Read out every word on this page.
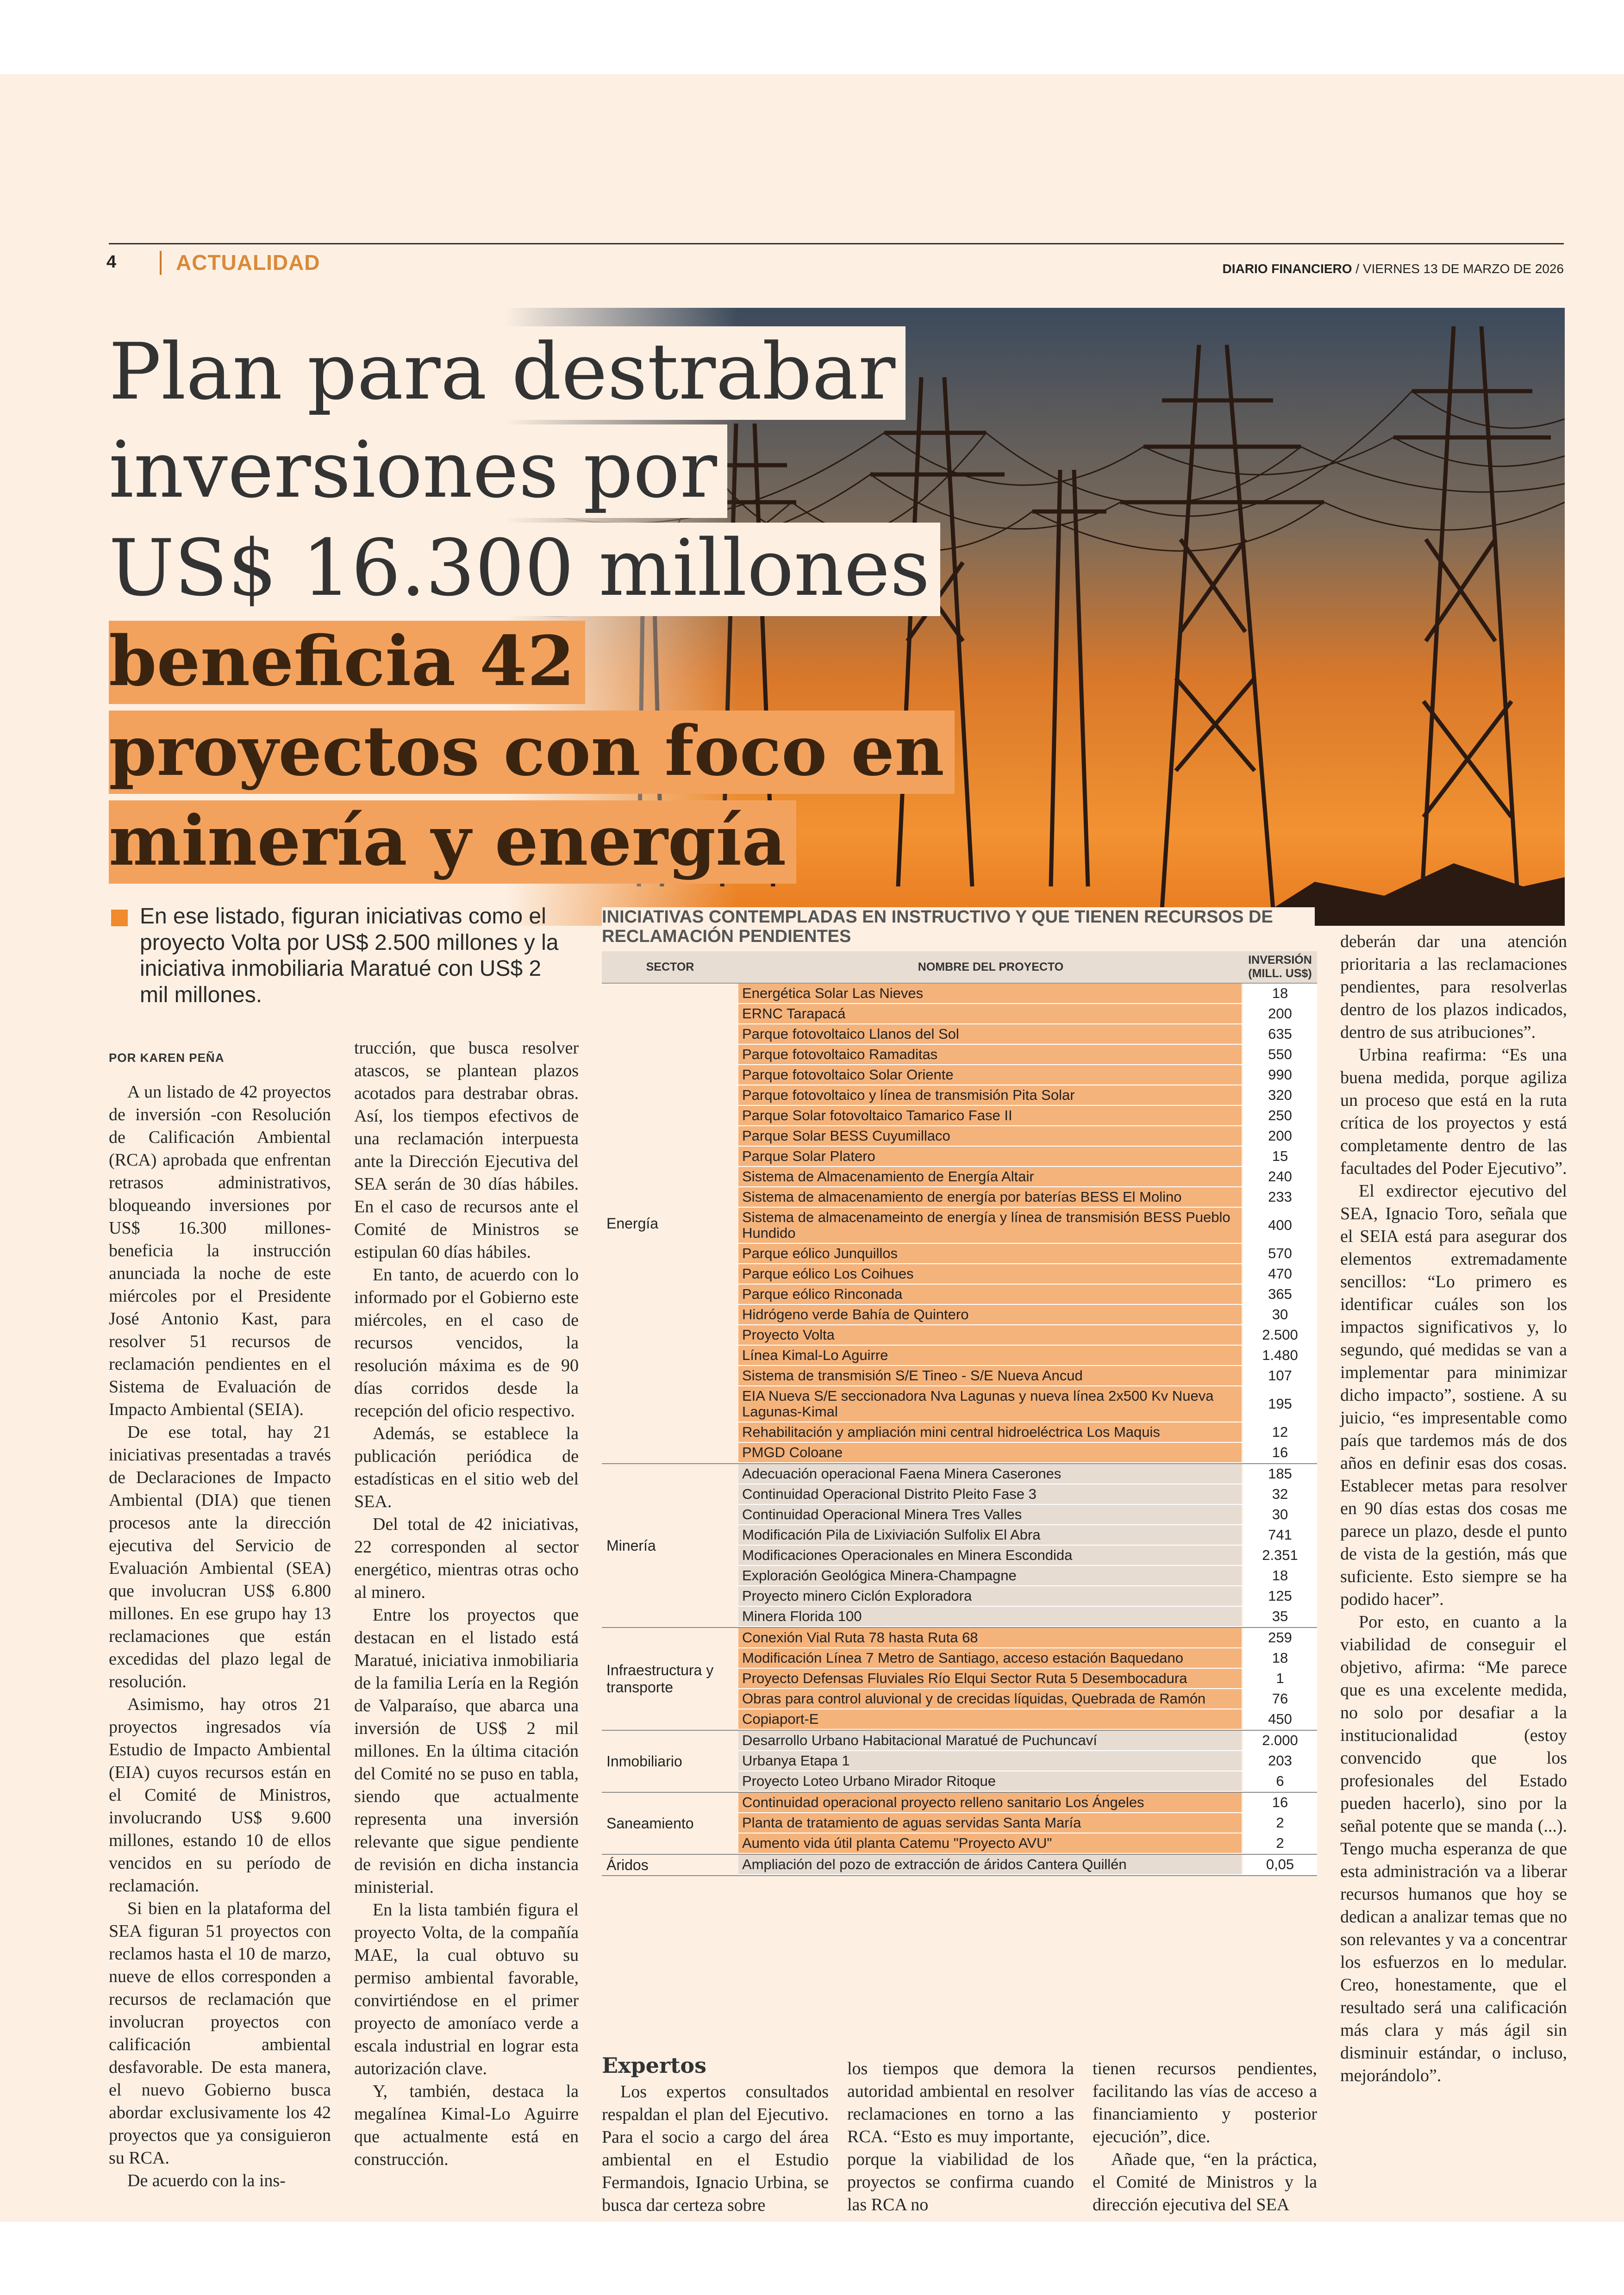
4	ACTUALIDAD	DIARIO FINANCIERO / VIERNES 13 DE MARZO DE 2026
Plan para destrabar
inversiones por
US$ 16.300 millones
beneficia 42
proyectos con foco en
minería y energía
En ese listado, figuran iniciativas como el proyecto Volta por US$ 2.500 millones y la iniciativa inmobiliaria Maratué con US$ 2 mil millones.
POR KAREN PEÑA

A un listado de 42 proyectos de inversión -con Resolución de Calificación Ambiental (RCA) aprobada que enfrentan retrasos administrativos, bloqueando inversiones por US$ 16.300 millones- beneficia la instrucción anunciada la noche de este miércoles por el Presidente José Antonio Kast, para resolver 51 recursos de reclamación pendientes en el Sistema de Evaluación de Impacto Ambiental (SEIA).

De ese total, hay 21 iniciativas presentadas a través de Declaraciones de Impacto Ambiental (DIA) que tienen procesos ante la dirección ejecutiva del Servicio de Evaluación Ambiental (SEA) que involucran US$ 6.800 millones. En ese grupo hay 13 reclamaciones que están excedidas del plazo legal de resolución.

Asimismo, hay otros 21 proyectos ingresados vía Estudio de Impacto Ambiental (EIA) cuyos recursos están en el Comité de Ministros, involucrando US$ 9.600 millones, estando 10 de ellos vencidos en su período de reclamación.

Si bien en la plataforma del SEA figuran 51 proyectos con reclamos hasta el 10 de marzo, nueve de ellos corresponden a recursos de reclamación que involucran proyectos con calificación ambiental desfavorable. De esta manera, el nuevo Gobierno busca abordar exclusivamente los 42 proyectos que ya consiguieron su RCA.

De acuerdo con la ins-

trucción, que busca resolver atascos, se plantean plazos acotados para destrabar obras. Así, los tiempos efectivos de una reclamación interpuesta ante la Dirección Ejecutiva del SEA serán de 30 días hábiles. En el caso de recursos ante el Comité de Ministros se estipulan 60 días hábiles.

En tanto, de acuerdo con lo informado por el Gobierno este miércoles, en el caso de recursos vencidos, la resolución máxima es de 90 días corridos desde la recepción del oficio respectivo.

Además, se establece la publicación periódica de estadísticas en el sitio web del SEA.

Del total de 42 iniciativas, 22 corresponden al sector energético, mientras otras ocho al minero.

Entre los proyectos que destacan en el listado está Maratué, iniciativa inmobiliaria de la familia Lería en la Región de Valparaíso, que abarca una inversión de US$ 2 mil millones. En la última citación del Comité no se puso en tabla, siendo que actualmente representa una inversión relevante que sigue pendiente de revisión en dicha instancia ministerial.

En la lista también figura el proyecto Volta, de la compañía MAE, la cual obtuvo su permiso ambiental favorable, convirtiéndose en el primer proyecto de amoníaco verde a escala industrial en lograr esta autorización clave.

Y, también, destaca la megalínea Kimal-Lo Aguirre que actualmente está en construcción.

INICIATIVAS CONTEMPLADAS EN INSTRUCTIVO Y QUE TIENEN RECURSOS DE RECLAMACIÓN PENDIENTES
SECTOR	NOMBRE DEL PROYECTO
INVERSIÓN (MILL. US$)
Energía
Energética Solar Las Nieves	18
ERNC Tarapacá	200
Parque fotovoltaico Llanos del Sol	635
Parque fotovoltaico Ramaditas	550
Parque fotovoltaico Solar Oriente	990
Parque fotovoltaico y línea de transmisión Pita Solar	320
Parque Solar fotovoltaico Tamarico Fase II	250
Parque Solar BESS Cuyumillaco	200
Parque Solar Platero	15
Sistema de Almacenamiento de Energía Altair	240
Sistema de almacenamiento de energía por baterías BESS El Molino	233
Sistema de almacenameinto de energía y línea de transmisión BESS Pueblo Hundido	400
Parque eólico Junquillos	570
Parque eólico Los Coihues	470
Parque eólico Rinconada	365
Hidrógeno verde Bahía de Quintero	30
Proyecto Volta	2.500
Línea Kimal-Lo Aguirre	1.480
Sistema de transmisión S/E Tineo - S/E Nueva Ancud	107
EIA Nueva S/E seccionadora Nva Lagunas y nueva línea 2x500 Kv Nueva Lagunas-Kimal	195
Rehabilitación y ampliación mini central hidroeléctrica Los Maquis	12
PMGD Coloane	16
Minería
Adecuación operacional Faena Minera Caserones	185
Continuidad Operacional Distrito Pleito Fase 3	32
Continuidad Operacional Minera Tres Valles	30
Modificación Pila de Lixiviación Sulfolix El Abra	741
Modificaciones Operacionales en Minera Escondida	2.351
Exploración Geológica Minera-Champagne	18
Proyecto minero Ciclón Exploradora	125
Minera Florida 100	35
Infraestructura y transporte
Conexión Vial Ruta 78 hasta Ruta 68	259
Modificación Línea 7 Metro de Santiago, acceso estación Baquedano	18
Proyecto Defensas Fluviales Río Elqui Sector Ruta 5 Desembocadura	1
Obras para control aluvional y de crecidas líquidas, Quebrada de Ramón	76
Copiaport-E	450
Inmobiliario
Desarrollo Urbano Habitacional Maratué de Puchuncaví	2.000
Urbanya Etapa 1	203
Proyecto Loteo Urbano Mirador Ritoque	6
Saneamiento
Continuidad operacional proyecto relleno sanitario Los Ángeles	16
Planta de tratamiento de aguas servidas Santa María	2
Aumento vida útil planta Catemu "Proyecto AVU"	2
Áridos	Ampliación del pozo de extracción de áridos Cantera Quillén	0,05
Expertos

Los expertos consultados respaldan el plan del Ejecutivo. Para el socio a cargo del área ambiental en el Estudio Fermandois, Ignacio Urbina, se busca dar certeza sobre

los tiempos que demora la autoridad ambiental en resolver reclamaciones en torno a las RCA. “Esto es muy importante, porque la viabilidad de los proyectos se confirma cuando las RCA no

tienen recursos pendientes, facilitando las vías de acceso a financiamiento y posterior ejecución”, dice.

Añade que, “en la práctica, el Comité de Ministros y la dirección ejecutiva del SEA

deberán dar una atención prioritaria a las reclamaciones pendientes, para resolverlas dentro de los plazos indicados, dentro de sus atribuciones”.

Urbina reafirma: “Es una buena medida, porque agiliza un proceso que está en la ruta crítica de los proyectos y está completamente dentro de las facultades del Poder Ejecutivo”.

El exdirector ejecutivo del SEA, Ignacio Toro, señala que el SEIA está para asegurar dos elementos extremadamente sencillos: “Lo primero es identificar cuáles son los impactos significativos y, lo segundo, qué medidas se van a implementar para minimizar dicho impacto”, sostiene. A su juicio, “es impresentable como país que tardemos más de dos años en definir esas dos cosas. Establecer metas para resolver en 90 días estas dos cosas me parece un plazo, desde el punto de vista de la gestión, más que suficiente. Esto siempre se ha podido hacer”.

Por esto, en cuanto a la viabilidad de conseguir el objetivo, afirma: “Me parece que es una excelente medida, no solo por desafiar a la institucionalidad (estoy convencido que los profesionales del Estado pueden hacerlo), sino por la señal potente que se manda (...). Tengo mucha esperanza de que esta administración va a liberar recursos humanos que hoy se dedican a analizar temas que no son relevantes y va a concentrar los esfuerzos en lo medular. Creo, honestamente, que el resultado será una calificación más clara y más ágil sin disminuir estándar, o incluso, mejorándolo”.
